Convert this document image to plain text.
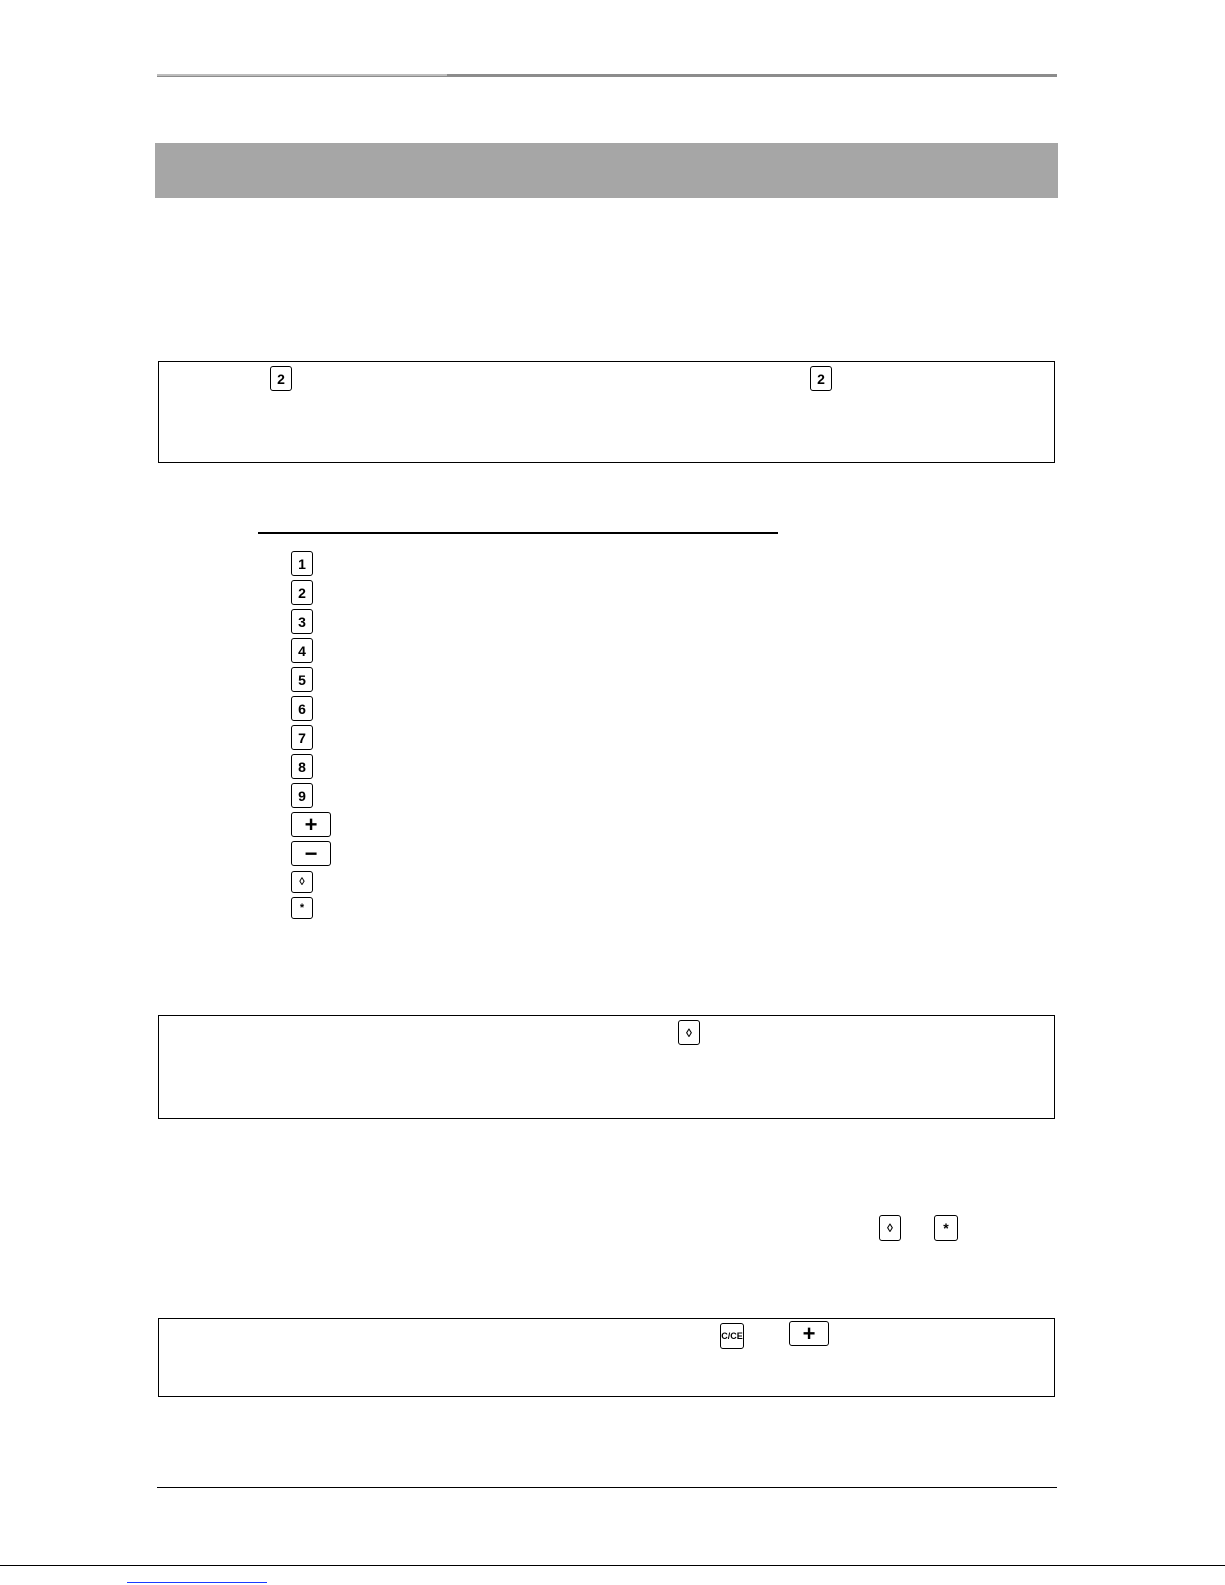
2	2
1
2
3
4
5
6
7
8
9
+
−
◊
*
◊
◊	*
C/CE	+
